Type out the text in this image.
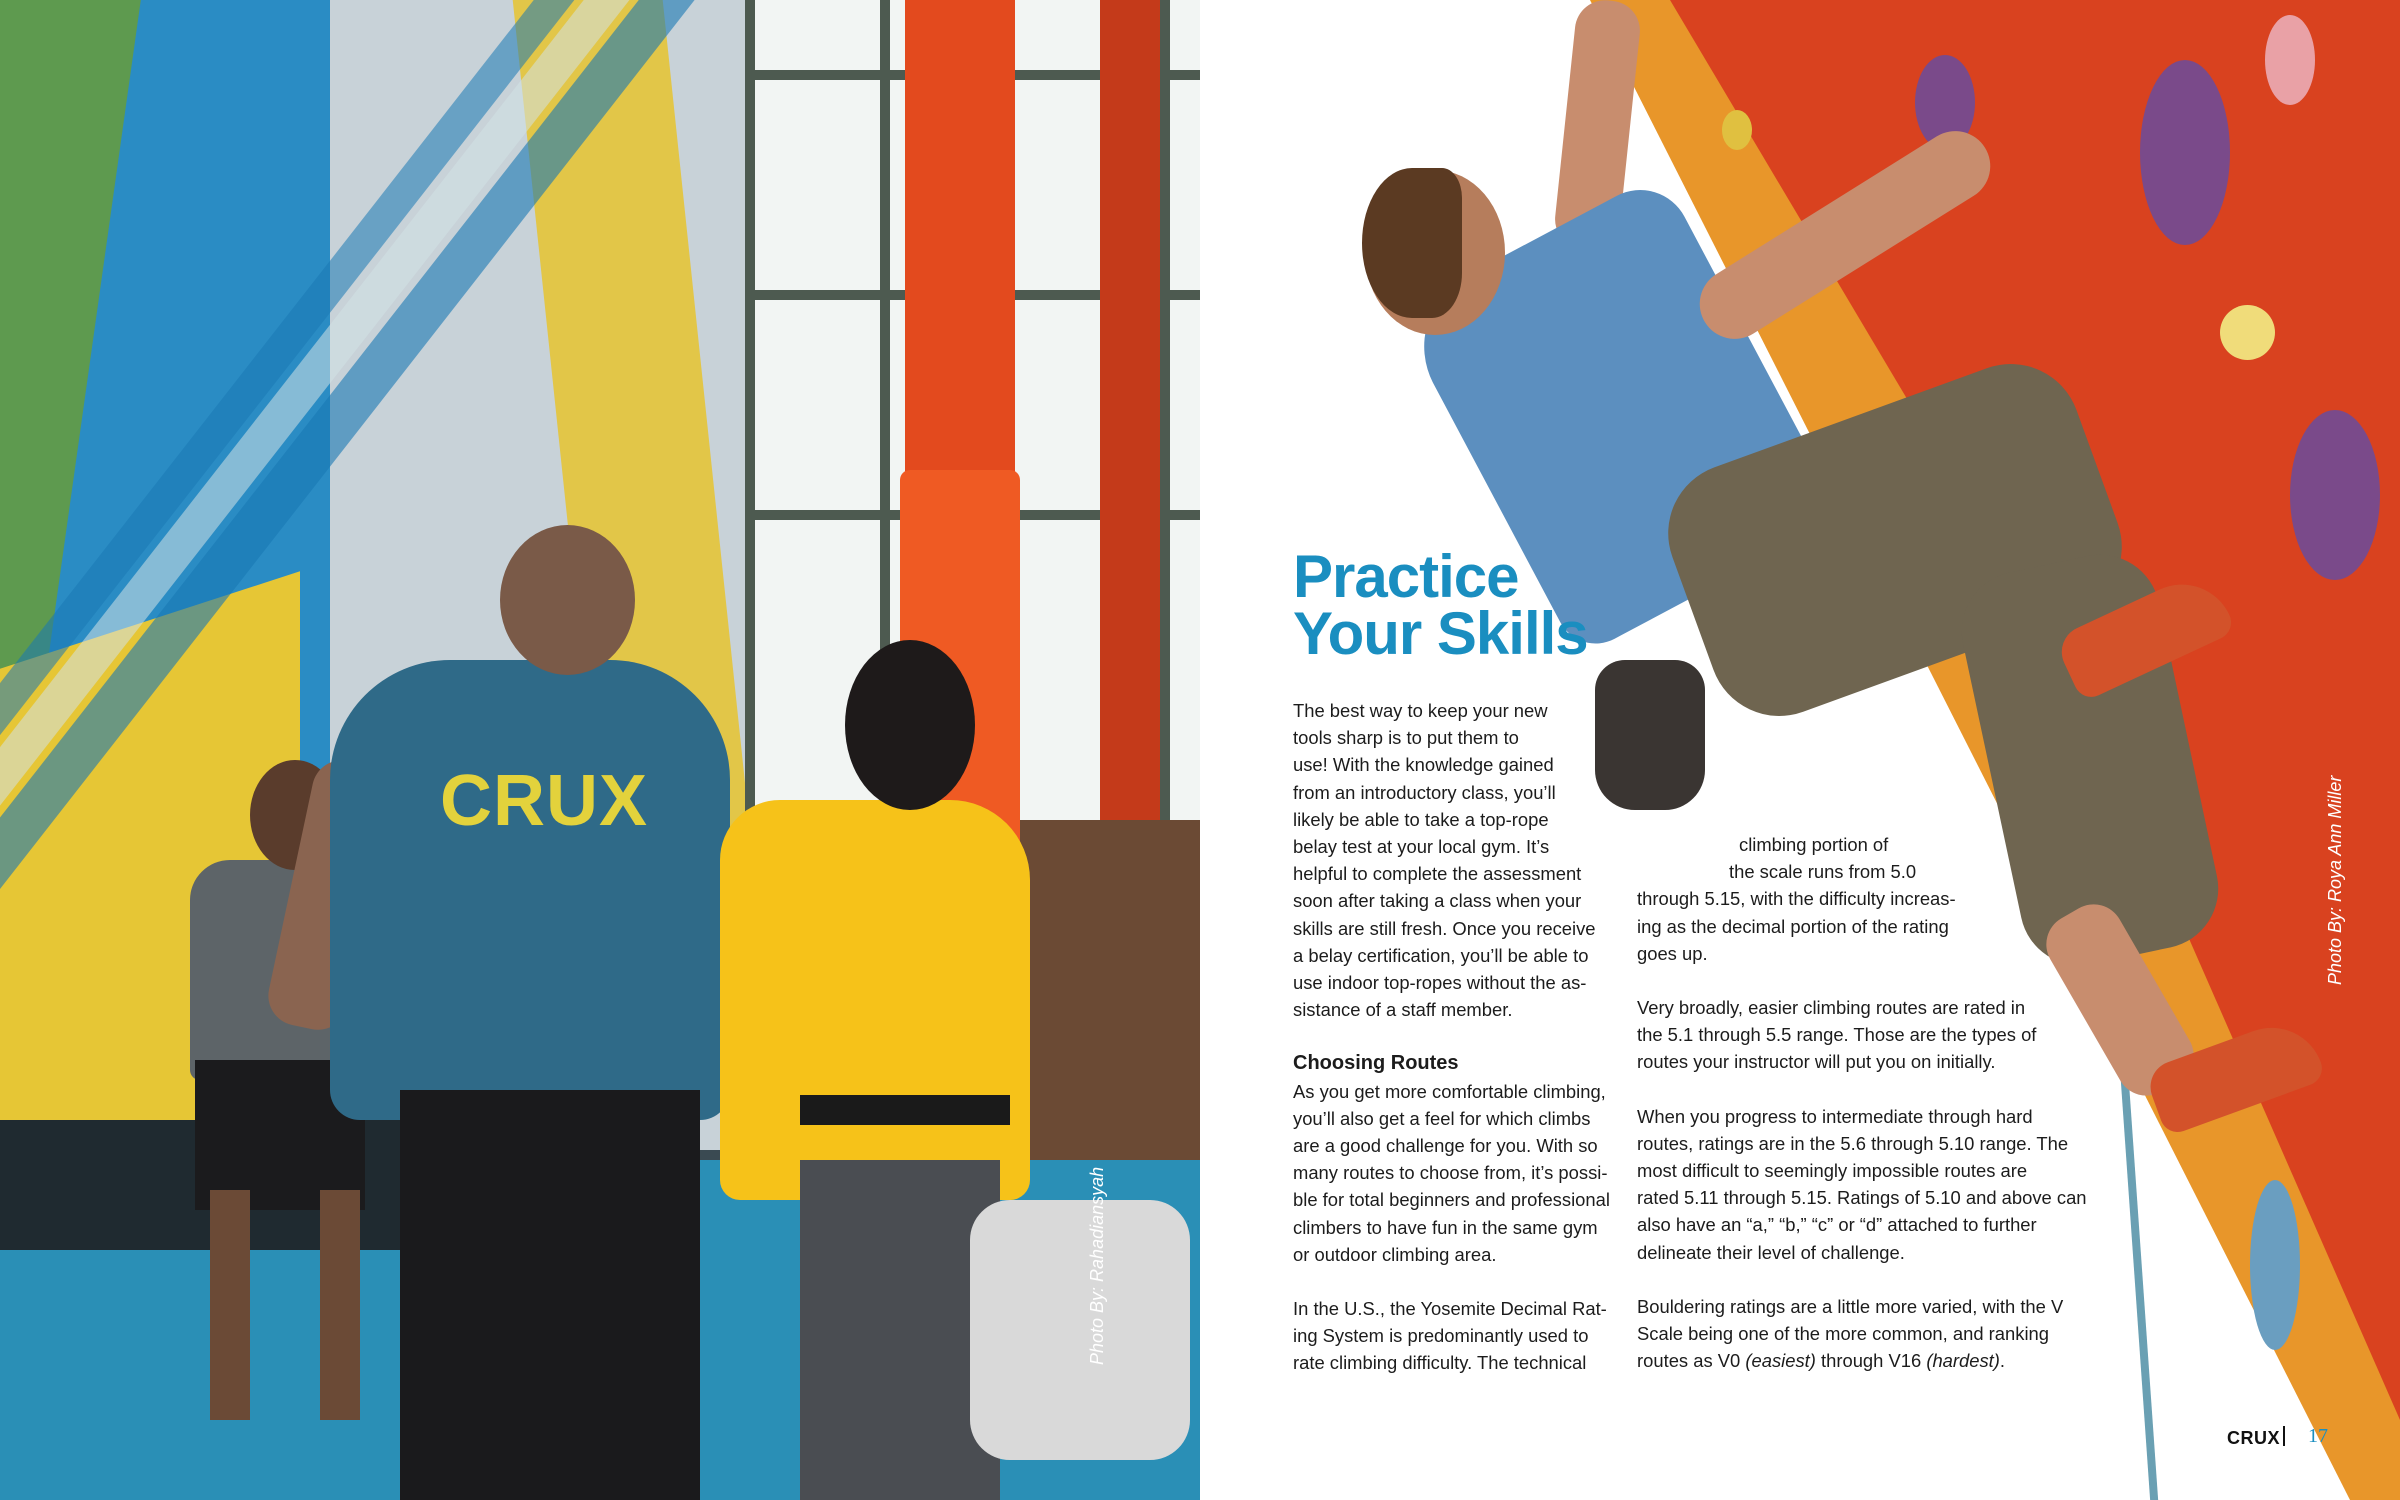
CRUX
Photo By: Rahadiansyah
Photo By: Roya Ann Miller
Practice
Your Skills

The best way to keep your new

tools sharp is to put them to

use! With the knowledge gained

from an introductory class, you’ll

likely be able to take a top-rope

belay test at your local gym. It’s

helpful to complete the assessment

soon after taking a class when your

skills are still fresh. Once you receive

a belay certification, you’ll be able to

use indoor top-ropes without the as-

sistance of a staff member.

Choosing Routes

As you get more comfortable climbing,

you’ll also get a feel for which climbs

are a good challenge for you. With so

many routes to choose from, it’s possi-

ble for total beginners and professional

climbers to have fun in the same gym

or outdoor climbing area.

In the U.S., the Yosemite Decimal Rat-

ing System is predominantly used to

rate climbing difficulty. The technical

climbing portion of

the scale runs from 5.0

through 5.15, with the difficulty increas-

ing as the decimal portion of the rating

goes up.

Very broadly, easier climbing routes are rated in

the 5.1 through 5.5 range. Those are the types of

routes your instructor will put you on initially.

When you progress to intermediate through hard

routes, ratings are in the 5.6 through 5.10 range. The

most difficult to seemingly impossible routes are

rated 5.11 through 5.15. Ratings of 5.10 and above can

also have an “a,” “b,” “c” or “d” attached to further

delineate their level of challenge.

Bouldering ratings are a little more varied, with the V

Scale being one of the more common, and ranking

routes as V0 (easiest) through V16 (hardest).

CRUX 17
